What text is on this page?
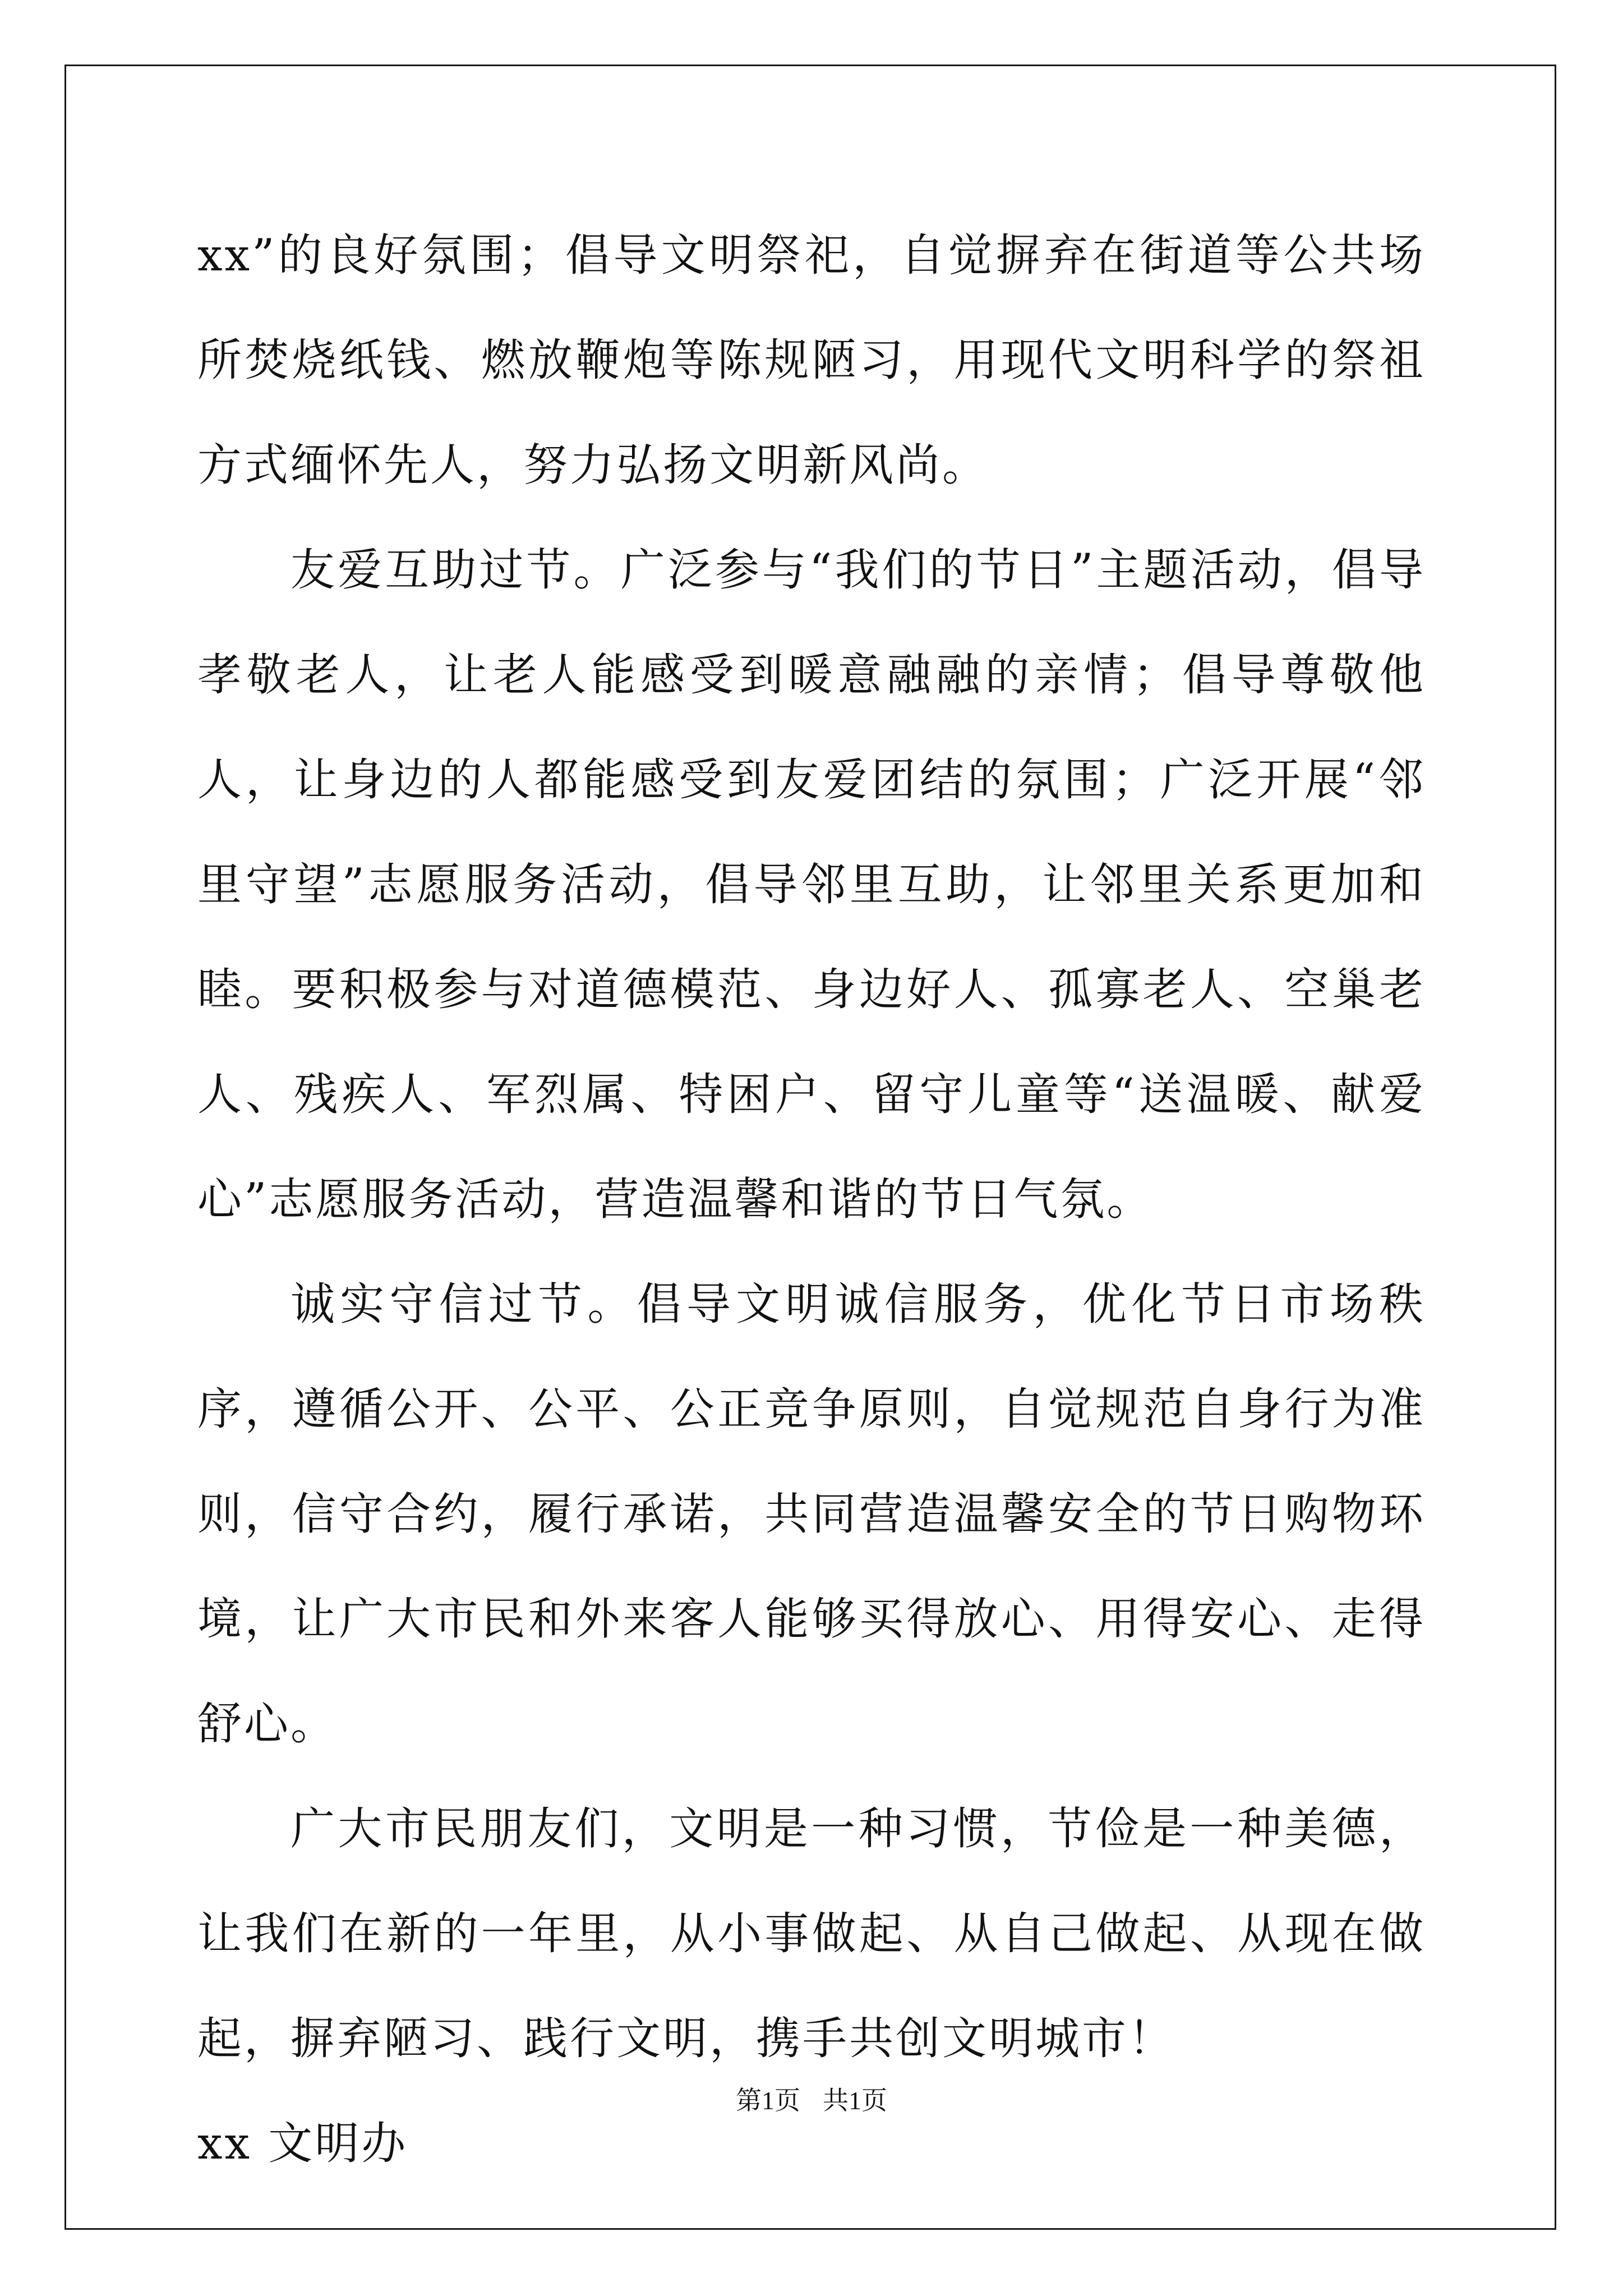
xx”的良好氛围；倡导文明祭祀，自觉摒弃在街道等公共场所焚烧纸钱、燃放鞭炮等陈规陋习，用现代文明科学的祭祖方式缅怀先人，努力弘扬文明新风尚。

友爱互助过节。广泛参与“我们的节日”主题活动，倡导孝敬老人，让老人能感受到暖意融融的亲情；倡导尊敬他人，让身边的人都能感受到友爱团结的氛围；广泛开展“邻里守望”志愿服务活动，倡导邻里互助，让邻里关系更加和睦。要积极参与对道德模范、身边好人、孤寡老人、空巢老人、残疾人、军烈属、特困户、留守儿童等“送温暖、献爱心”志愿服务活动，营造温馨和谐的节日气氛。

诚实守信过节。倡导文明诚信服务，优化节日市场秩序，遵循公开、公平、公正竞争原则，自觉规范自身行为准则，信守合约，履行承诺，共同营造温馨安全的节日购物环境，让广大市民和外来客人能够买得放心、用得安心、走得舒心。

广大市民朋友们，文明是一种习惯，节俭是一种美德，让我们在新的一年里，从小事做起、从自己做起、从现在做起，摒弃陋习、践行文明，携手共创文明城市！

xx 文明办

第1页 共1页
